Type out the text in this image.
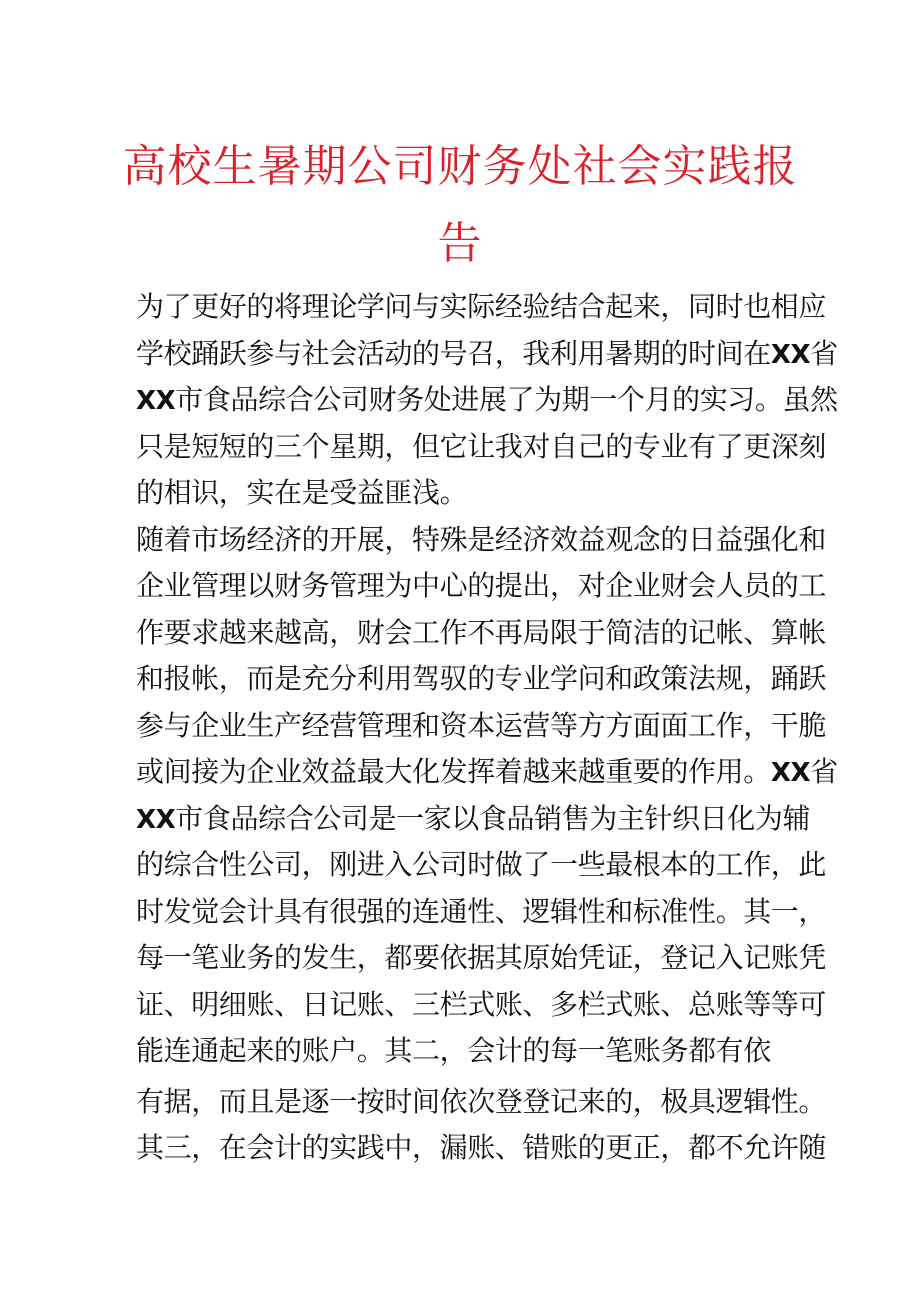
高校生暑期公司财务处社会实践报
告
为了更好的将理论学问与实际经验结合起来，同时也相应
学校踊跃参与社会活动的号召，我利用暑期的时间在XX省
XX市食品综合公司财务处进展了为期一个月的实习。虽然
只是短短的三个星期，但它让我对自己的专业有了更深刻
的相识，实在是受益匪浅。
随着市场经济的开展，特殊是经济效益观念的日益强化和
企业管理以财务管理为中心的提出，对企业财会人员的工
作要求越来越高，财会工作不再局限于简洁的记帐、算帐
和报帐，而是充分利用驾驭的专业学问和政策法规，踊跃
参与企业生产经营管理和资本运营等方方面面工作，干脆
或间接为企业效益最大化发挥着越来越重要的作用。XX省
XX市食品综合公司是一家以食品销售为主针织日化为辅
的综合性公司，刚进入公司时做了一些最根本的工作，此
时发觉会计具有很强的连通性、逻辑性和标准性。其一，
每一笔业务的发生，都要依据其原始凭证，登记入记账凭
证、明细账、日记账、三栏式账、多栏式账、总账等等可
能连通起来的账户。其二，会计的每一笔账务都有依
有据，而且是逐一按时间依次登登记来的，极具逻辑性。
其三，在会计的实践中，漏账、错账的更正，都不允许随
